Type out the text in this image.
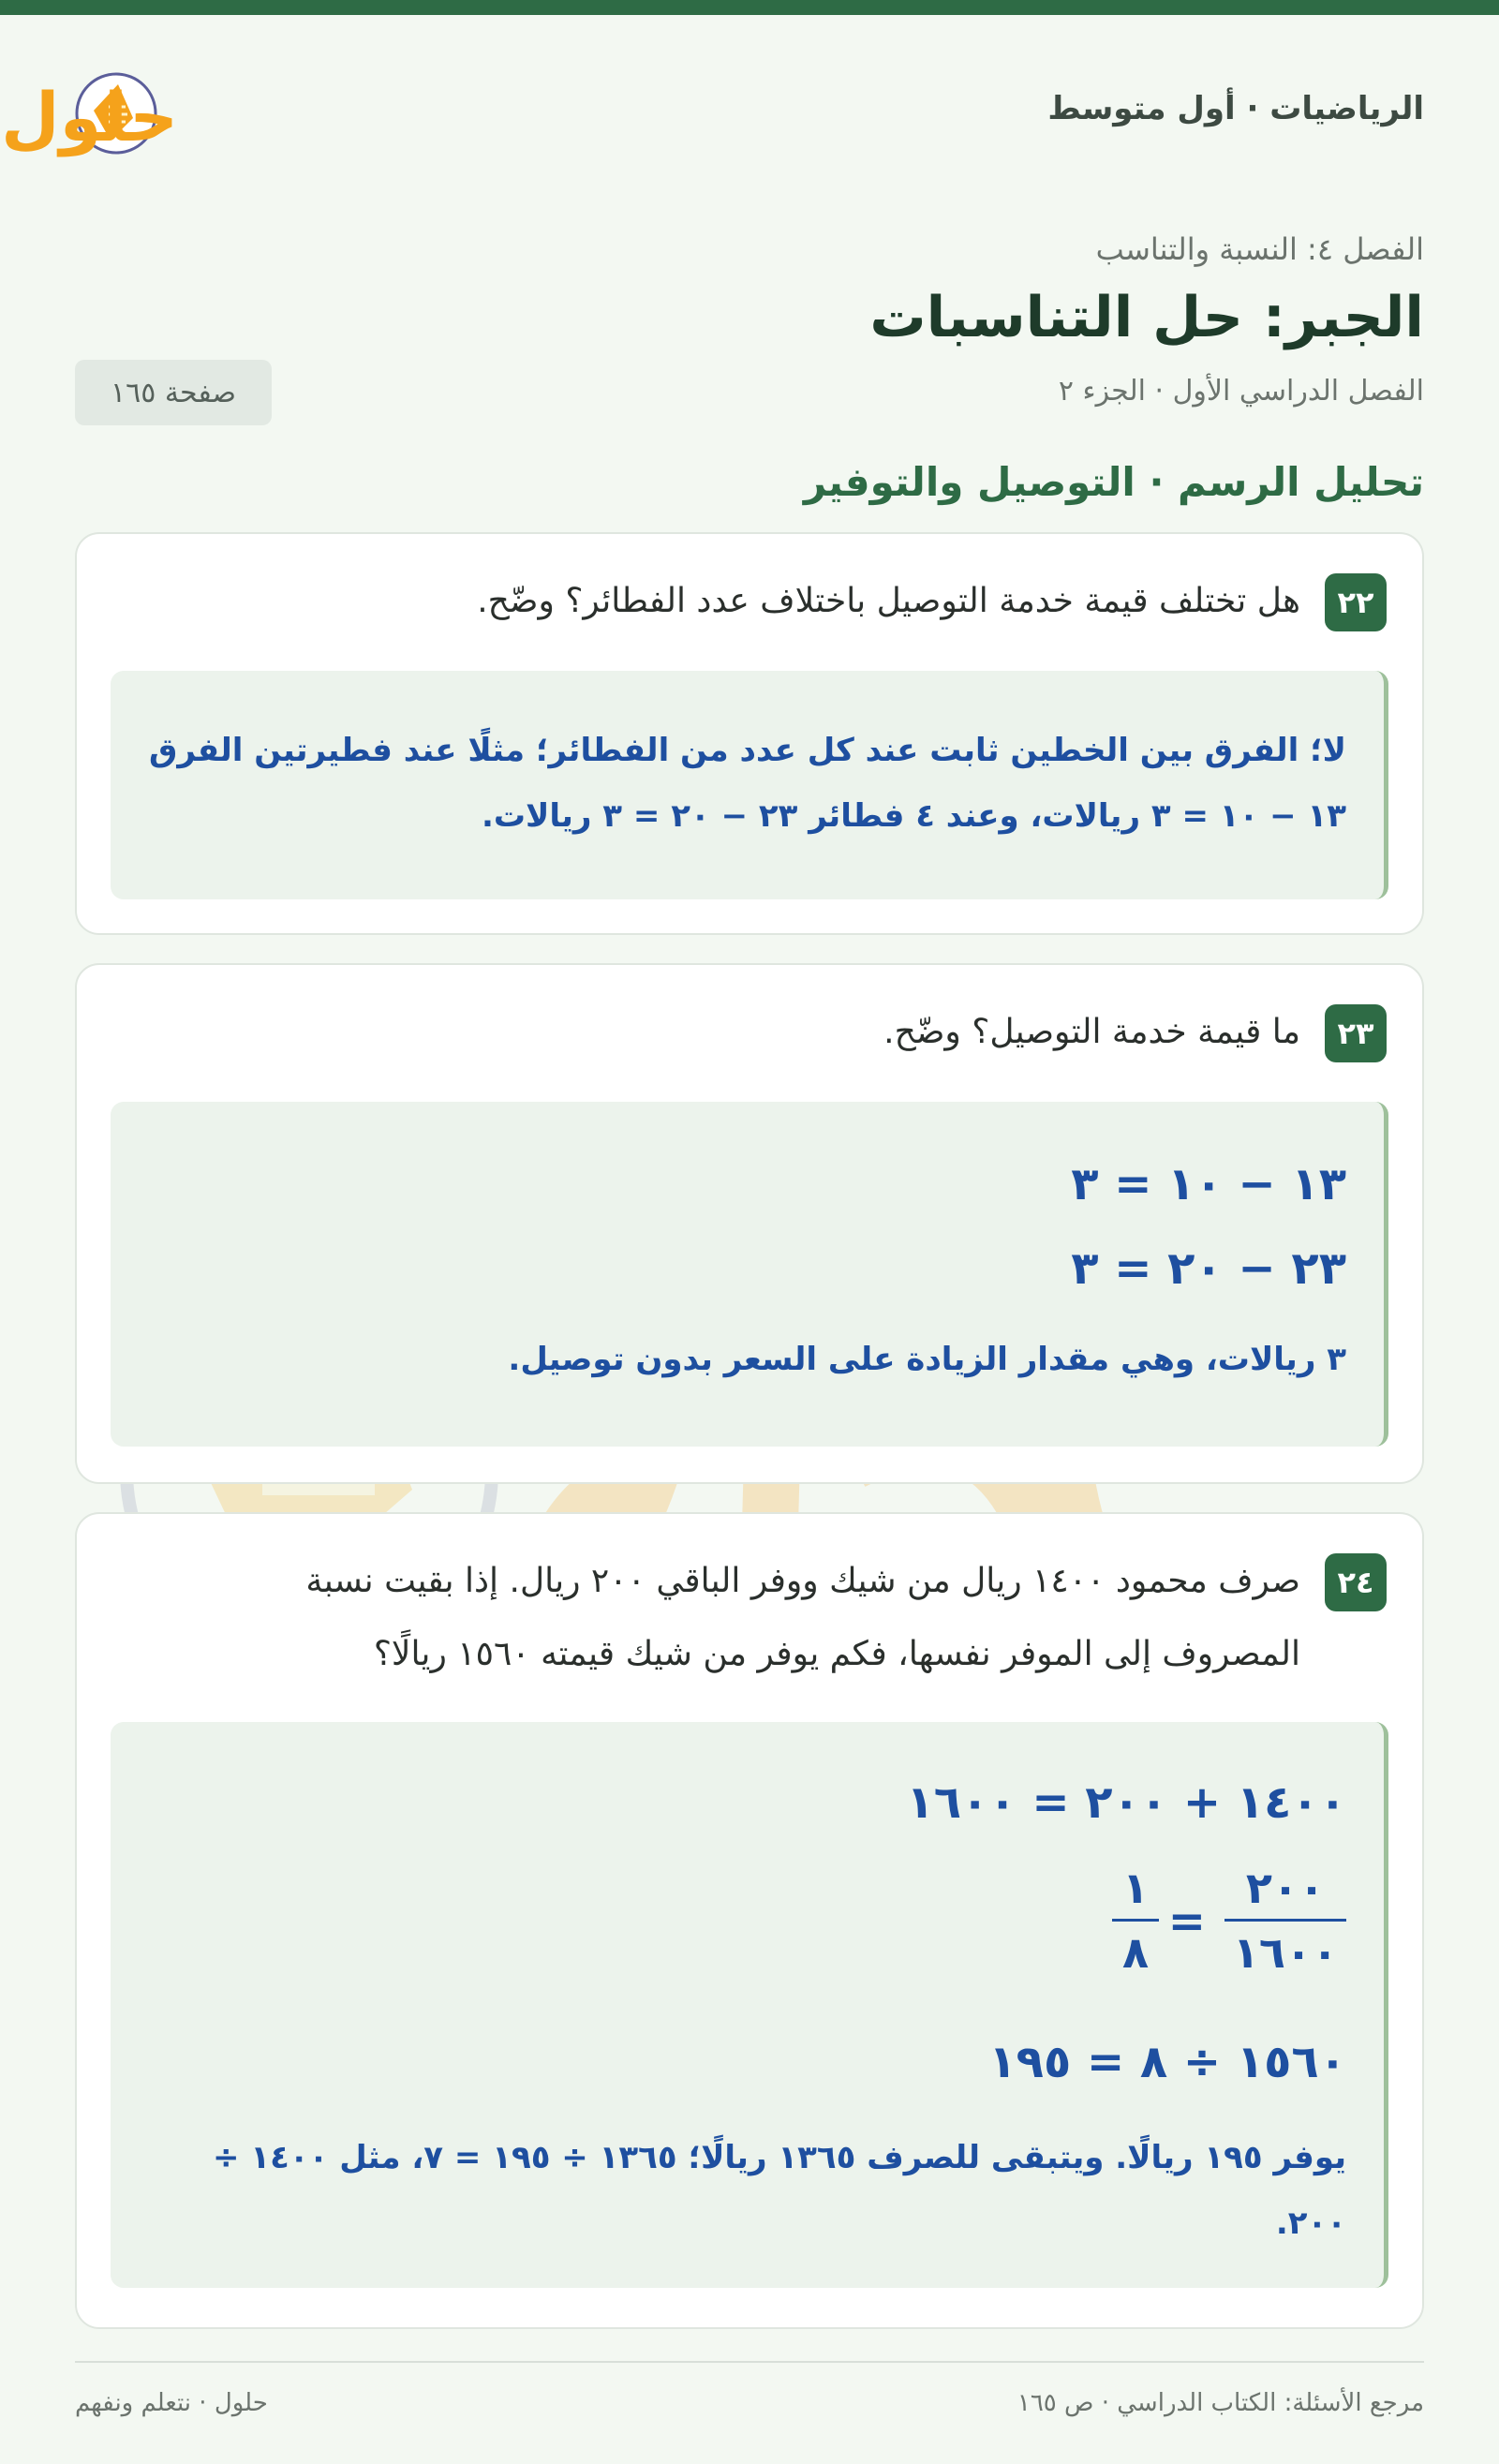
الرياضيات · أول متوسط
حلول
الفصل ٤: النسبة والتناسب
الجبر: حل التناسبات
الفصل الدراسي الأول · الجزء ٢
صفحة ١٦٥
تحليل الرسم · التوصيل والتوفير
٢٢
هل تختلف قيمة خدمة التوصيل باختلاف عدد الفطائر؟ وضّح.
لا؛ الفرق بين الخطين ثابت عند كل عدد من الفطائر؛ مثلًا عند فطيرتين الفرق
١٣ − ١٠ = ٣ ريالات، وعند ٤ فطائر ٢٣ − ٢٠ = ٣ ريالات.
٢٣
ما قيمة خدمة التوصيل؟ وضّح.
١٣ − ١٠ = ٣
٢٣ − ٢٠ = ٣
٣ ريالات، وهي مقدار الزيادة على السعر بدون توصيل.
٢٤
صرف محمود ١٤٠٠ ريال من شيك ووفر الباقي ٢٠٠ ريال. إذا بقيت نسبة
المصروف إلى الموفر نفسها، فكم يوفر من شيك قيمته ١٥٦٠ ريالًا؟
١٤٠٠ + ٢٠٠ = ١٦٠٠
٢٠٠
١٦٠٠
=
١
٨
١٥٦٠ ÷ ٨ = ١٩٥
يوفر ١٩٥ ريالًا. ويتبقى للصرف ١٣٦٥ ريالًا؛ ١٣٦٥ ÷ ١٩٥ = ٧، مثل ١٤٠٠ ÷
٢٠٠.
مرجع الأسئلة: الكتاب الدراسي · ص ١٦٥
حلول · نتعلم ونفهم
